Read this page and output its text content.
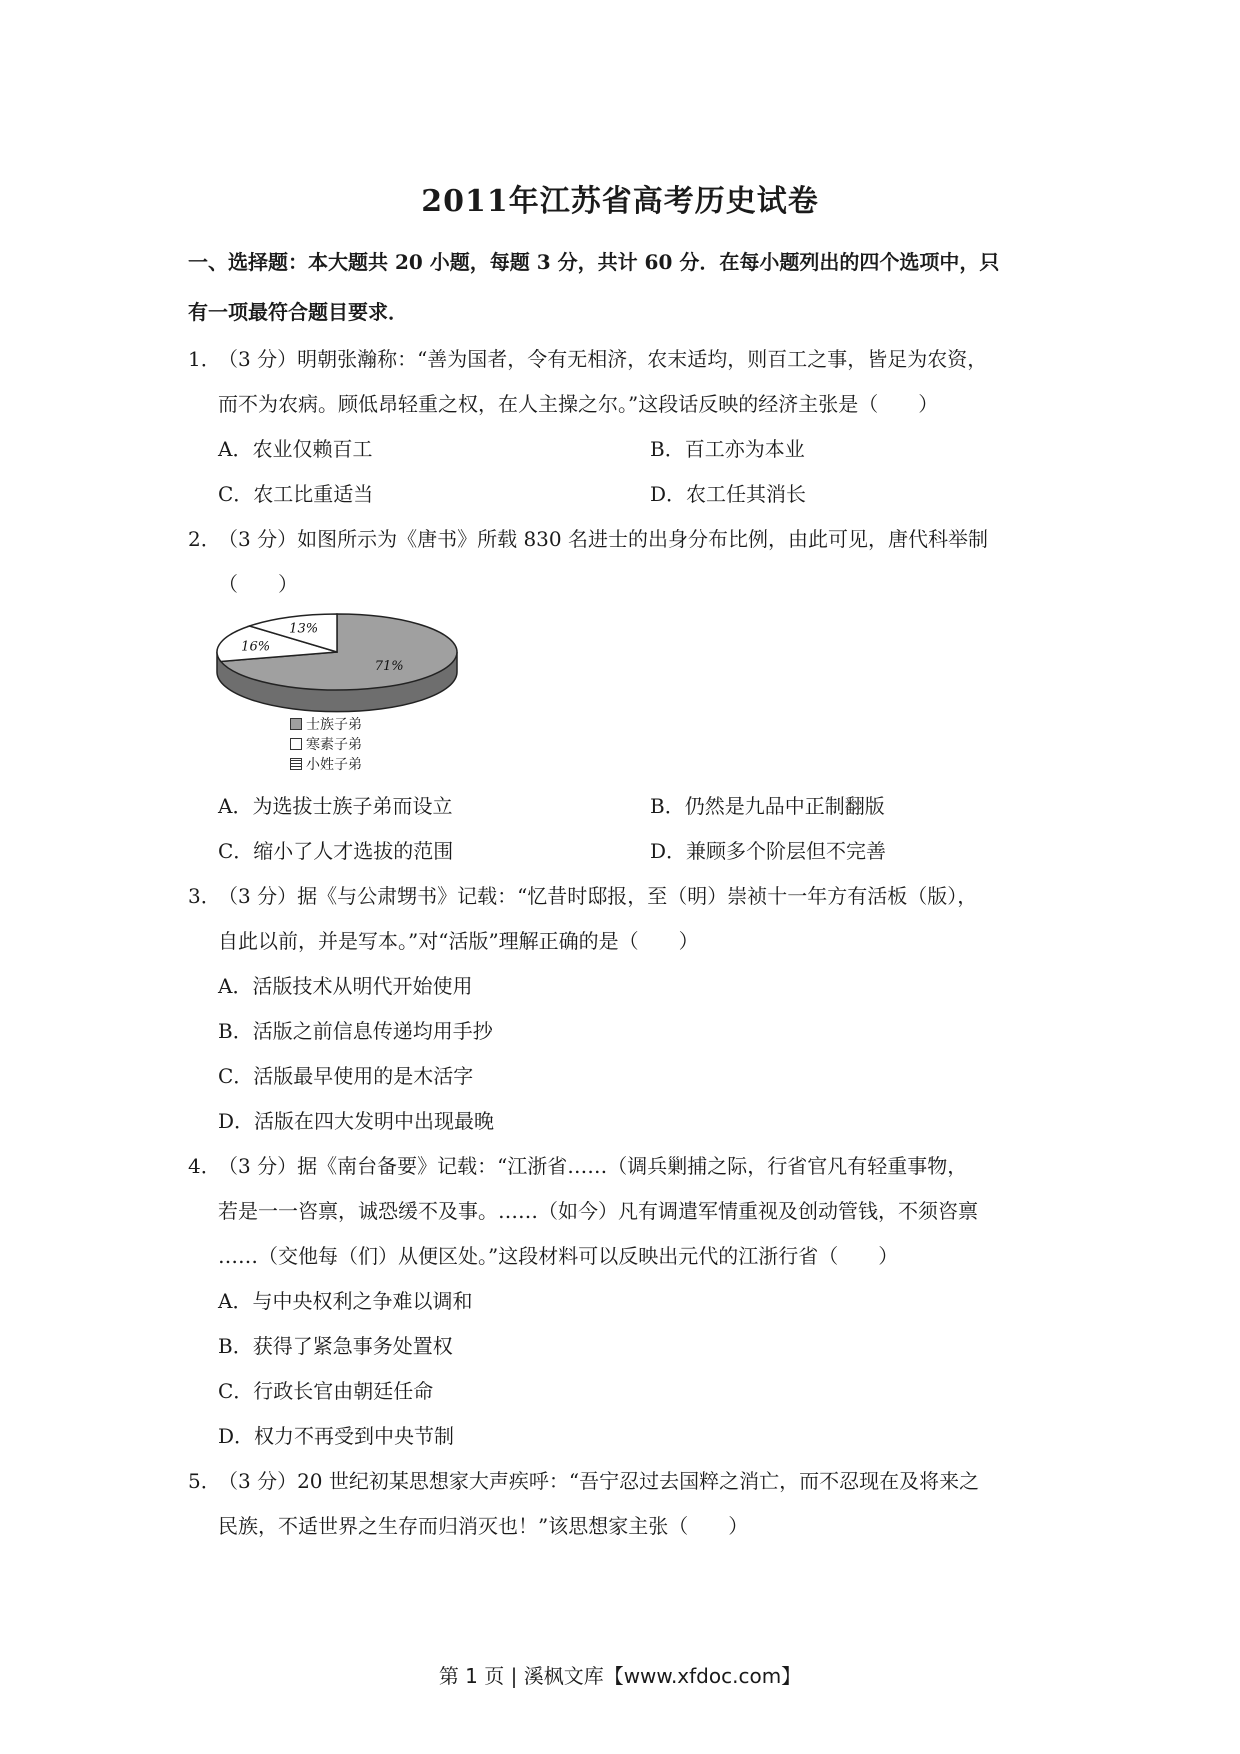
2011年江苏省高考历史试卷
一、选择题：本大题共 20 小题，每题 3 分，共计 60 分．在每小题列出的四个选项中，只
有一项最符合题目要求．
1．（3 分）明朝张瀚称：“善为国者，令有无相济，农末适均，则百工之事，皆足为农资，
而不为农病。顾低昂轻重之权，在人主操之尔。”这段话反映的经济主张是（　　）
A．农业仅赖百工	B．百工亦为本业
C．农工比重适当	D．农工任其消长
2．（3 分）如图所示为《唐书》所载 830 名进士的出身分布比例，由此可见，唐代科举制
（　　）
71%
16%
13%
士族子弟
寒素子弟
小姓子弟
A．为选拔士族子弟而设立	B．仍然是九品中正制翻版
C．缩小了人才选拔的范围	D．兼顾多个阶层但不完善
3．（3 分）据《与公肃甥书》记载：“忆昔时邸报，至（明）崇祯十一年方有活板（版），
自此以前，并是写本。”对“活版”理解正确的是（　　）
A．活版技术从明代开始使用
B．活版之前信息传递均用手抄
C．活版最早使用的是木活字
D．活版在四大发明中出现最晚
4．（3 分）据《南台备要》记载：“江浙省……（调兵剿捕之际，行省官凡有轻重事物，
若是一一咨禀，诚恐缓不及事。……（如今）凡有调遣军情重视及创动管钱，不须咨禀
……（交他每（们）从便区处。”这段材料可以反映出元代的江浙行省（　　）
A．与中央权利之争难以调和
B．获得了紧急事务处置权
C．行政长官由朝廷任命
D．权力不再受到中央节制
5．（3 分）20 世纪初某思想家大声疾呼：“吾宁忍过去国粹之消亡，而不忍现在及将来之
民族，不适世界之生存而归消灭也！”该思想家主张（　　）
第 1 页 | 溪枫文库【www.xfdoc.com】
